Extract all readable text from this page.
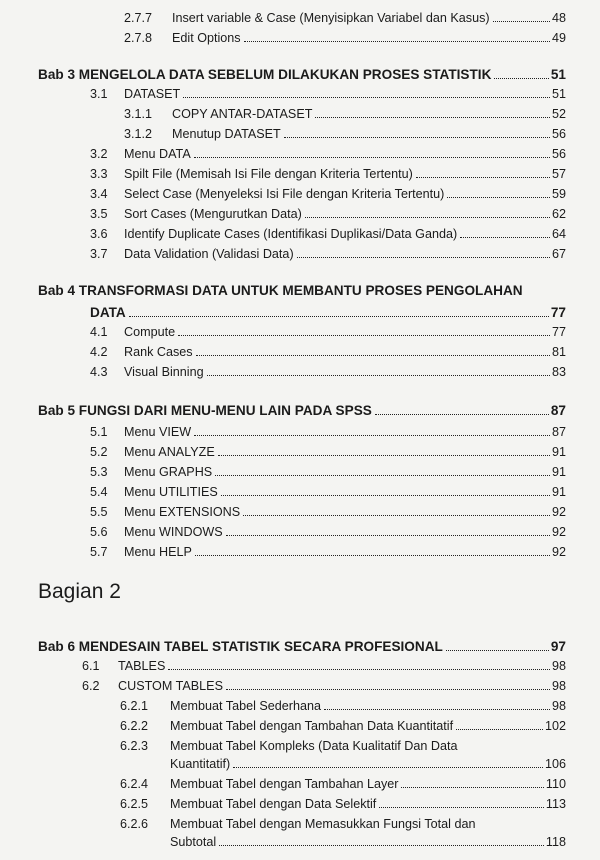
2.7.7	Insert variable & Case (Menyisipkan Variabel dan Kasus)	48
2.7.8	Edit Options	49
Bab 3 MENGELOLA DATA SEBELUM DILAKUKAN PROSES STATISTIK	51
3.1	DATASET	51
3.1.1	COPY ANTAR-DATASET	52
3.1.2	Menutup DATASET	56
3.2	Menu DATA	56
3.3	Spilt File (Memisah Isi File dengan Kriteria Tertentu)	57
3.4	Select Case (Menyeleksi Isi File dengan Kriteria Tertentu)	59
3.5	Sort Cases (Mengurutkan Data)	62
3.6	Identify Duplicate Cases (Identifikasi Duplikasi/Data Ganda)	64
3.7	Data Validation (Validasi Data)	67
Bab 4 TRANSFORMASI DATA UNTUK MEMBANTU PROSES PENGOLAHAN
DATA	77
4.1	Compute	77
4.2	Rank Cases	81
4.3	Visual Binning	83
Bab 5 FUNGSI DARI MENU-MENU LAIN PADA SPSS	87
5.1	Menu VIEW	87
5.2	Menu ANALYZE	91
5.3	Menu GRAPHS	91
5.4	Menu UTILITIES	91
5.5	Menu EXTENSIONS	92
5.6	Menu WINDOWS	92
5.7	Menu HELP	92
Bagian 2
Bab 6 MENDESAIN TABEL STATISTIK SECARA PROFESIONAL	97
6.1	TABLES	98
6.2	CUSTOM TABLES	98
6.2.1	Membuat Tabel Sederhana	98
6.2.2	Membuat Tabel dengan Tambahan Data Kuantitatif	102
6.2.3	Membuat Tabel Kompleks (Data Kualitatif Dan Data
Kuantitatif)	106
6.2.4	Membuat Tabel dengan Tambahan Layer	110
6.2.5	Membuat Tabel dengan Data Selektif	113
6.2.6	Membuat Tabel dengan Memasukkan Fungsi Total dan
Subtotal	118
